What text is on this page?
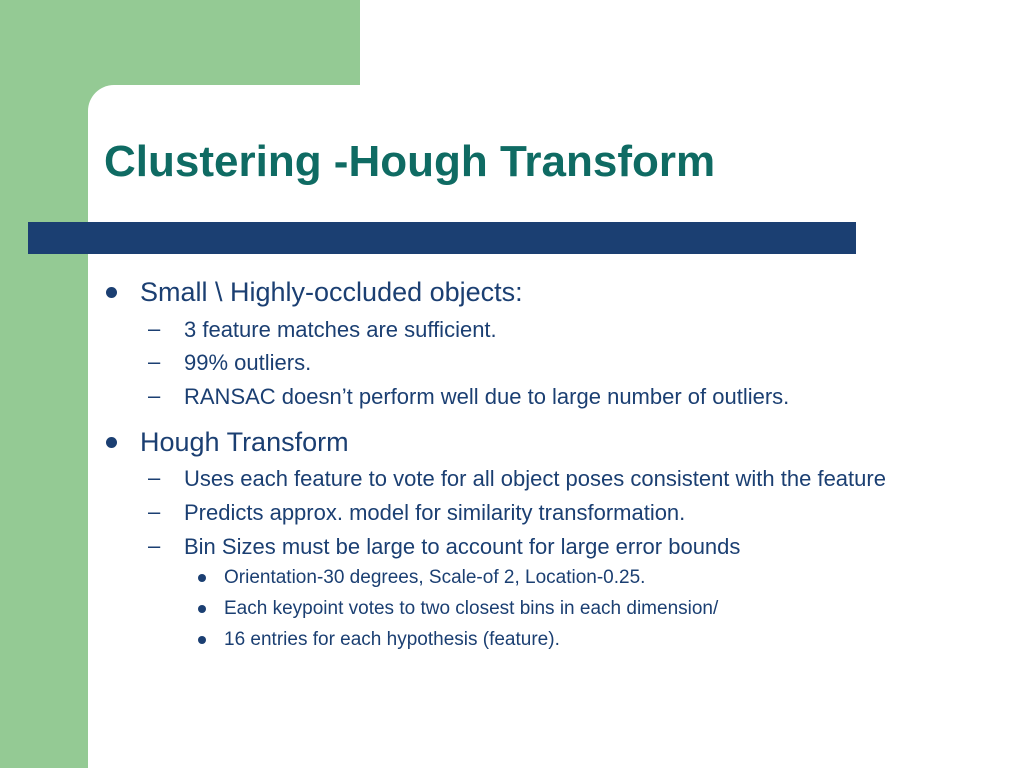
Clustering -Hough Transform
Small \ Highly-occluded objects:
– 3 feature matches are sufficient.
– 99% outliers.
– RANSAC doesn’t perform well due to large number of outliers.
Hough Transform
– Uses each feature to vote for all object poses consistent with the feature
– Predicts approx. model for similarity transformation.
– Bin Sizes must be large to account for large error bounds
Orientation-30 degrees, Scale-of 2, Location-0.25.
Each keypoint votes to two closest bins in each dimension/
16 entries for each hypothesis (feature).
